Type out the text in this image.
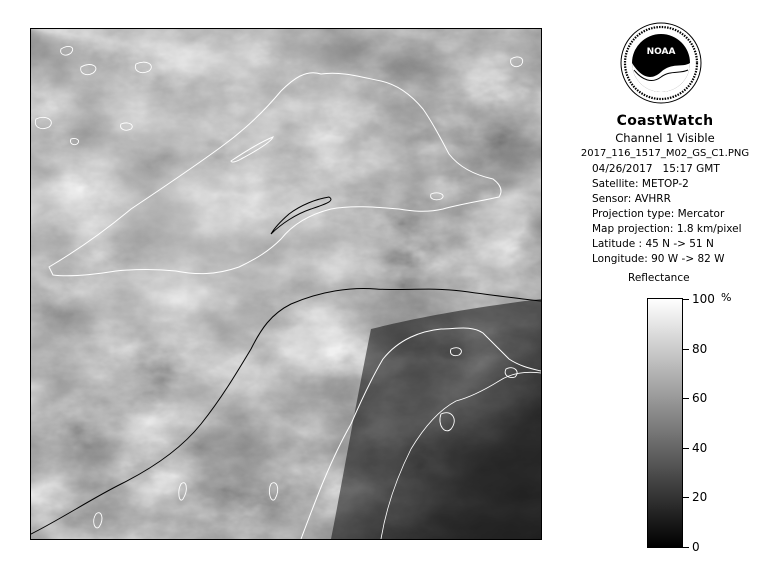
NOAA
CoastWatch
Channel 1 Visible
2017_116_1517_M02_GS_C1.PNG
04/26/2017 15:17 GMT
Satellite: METOP-2
Sensor: AVHRR
Projection type: Mercator
Map projection: 1.8 km/pixel
Latitude : 45 N -> 51 N
Longitude: 90 W -> 82 W
Reflectance
%
100
80
60
40
20
0
